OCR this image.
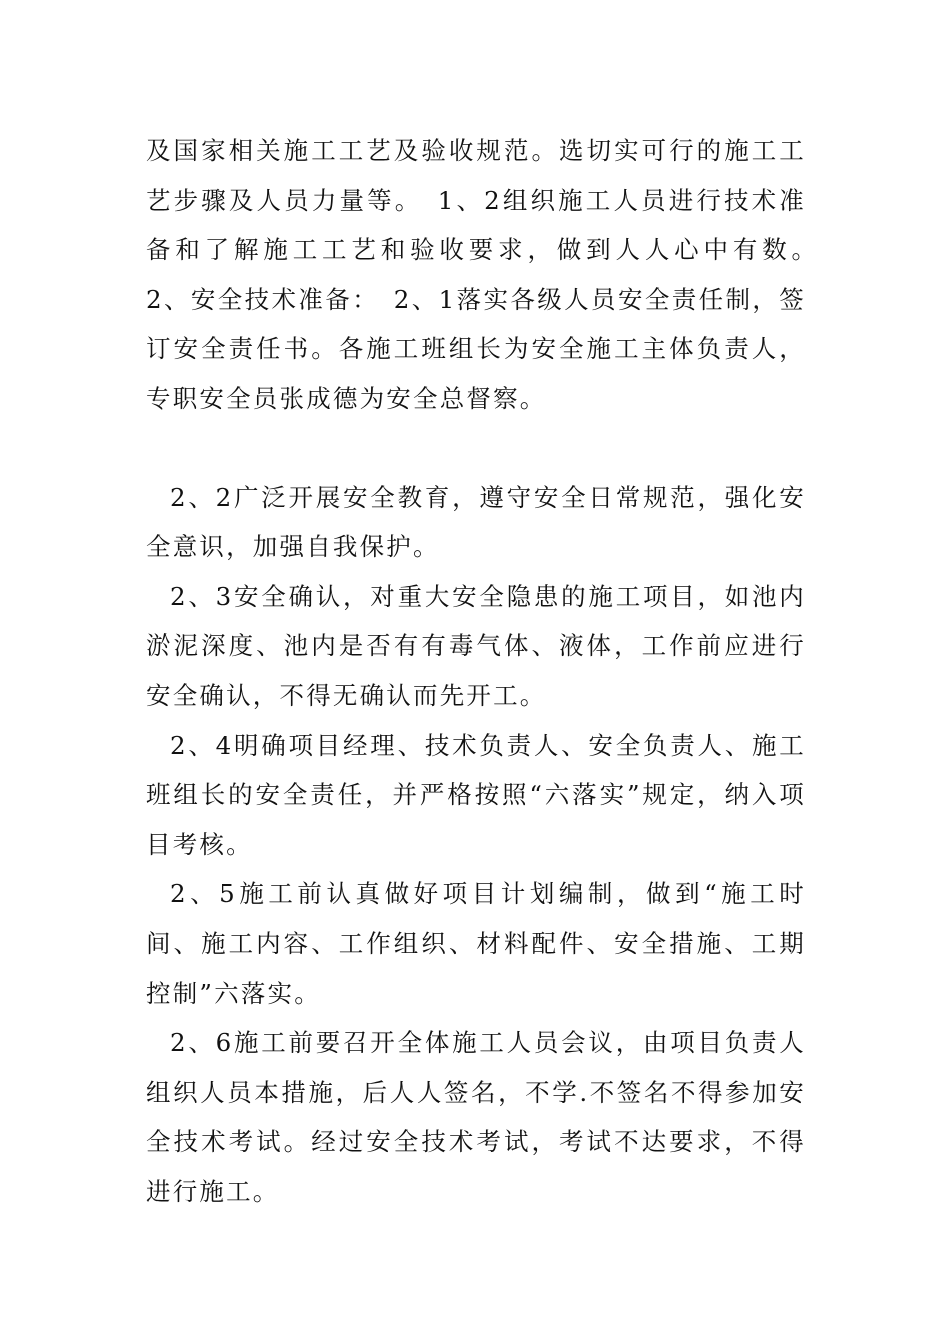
及国家相关施工工艺及验收规范。选切实可行的施工工艺步骤及人员力量等。　1、2组织施工人员进行技术准备和了解施工工艺和验收要求，做到人人心中有数。　2、安全技术准备：　2、1落实各级人员安全责任制，签订安全责任书。各施工班组长为安全施工主体负责人，专职安全员张成德为安全总督察。

2、2广泛开展安全教育，遵守安全日常规范，强化安全意识，加强自我保护。

2、3安全确认，对重大安全隐患的施工项目，如池内淤泥深度、池内是否有有毒气体、液体，工作前应进行安全确认，不得无确认而先开工。

2、4明确项目经理、技术负责人、安全负责人、施工班组长的安全责任，并严格按照“六落实”规定，纳入项目考核。

2、5施工前认真做好项目计划编制，做到“施工时间、施工内容、工作组织、材料配件、安全措施、工期控制”六落实。

2、6施工前要召开全体施工人员会议，由项目负责人组织人员本措施，后人人签名，不学.不签名不得参加安全技术考试。经过安全技术考试，考试不达要求，不得进行施工。
